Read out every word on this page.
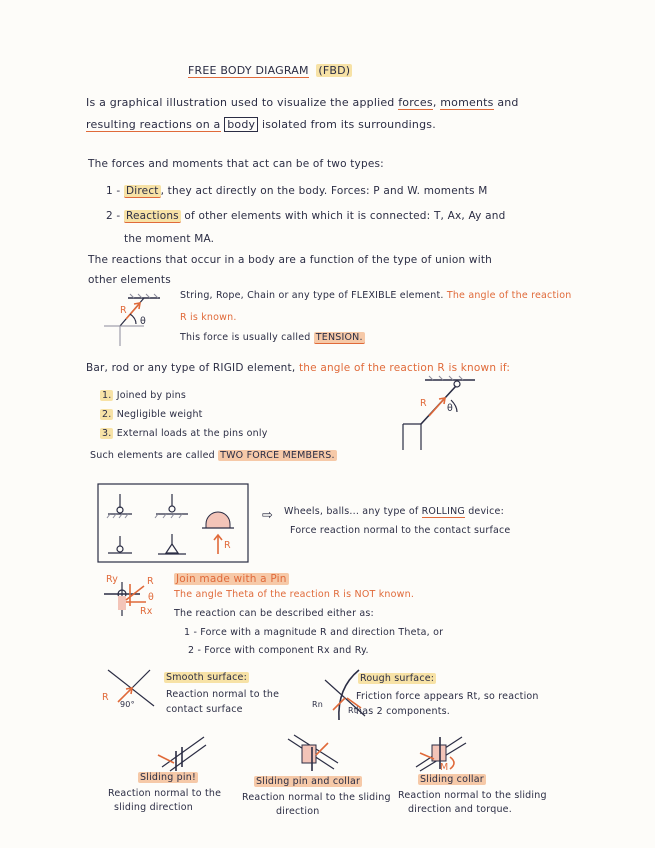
FREE BODY DIAGRAM (FBD)
Is a graphical illustration used to visualize the applied forces, moments and
resulting reactions on a body isolated from its surroundings.
The forces and moments that act can be of two types:
1 - Direct , they act directly on the body. Forces: P and W. moments M
2 - Reactions of other elements with which it is connected: T, Ax, Ay and
the moment MA.
The reactions that occur in a body are a function of the type of union with
other elements
R
θ
String, Rope, Chain or any type of FLEXIBLE element. The angle of the reaction
R is known.
This force is usually called TENSION.
Bar, rod or any type of RIGID element, the angle of the reaction R is known if:
1. Joined by pins
2. Negligible weight
3. External loads at the pins only
Such elements are called TWO FORCE MEMBERS.
R θ
R
⇨ Wheels, balls... any type of ROLLING device:
Force reaction normal to the contact surface
Ry	R
θ
Rx
Join made with a Pin
The angle Theta of the reaction R is NOT known.
The reaction can be described either as:
1 - Force with a magnitude R and direction Theta, or
2 - Force with component Rx and Ry.
R
90°
Smooth surface:
Reaction normal to the
contact surface	Rn
Rt
Rough surface:
Friction force appears Rt, so reaction
has 2 components.
Sliding pin!
Reaction normal to the
sliding direction
Sliding pin and collar
Reaction normal to the sliding
direction
M
Sliding collar
Reaction normal to the sliding
direction and torque.
